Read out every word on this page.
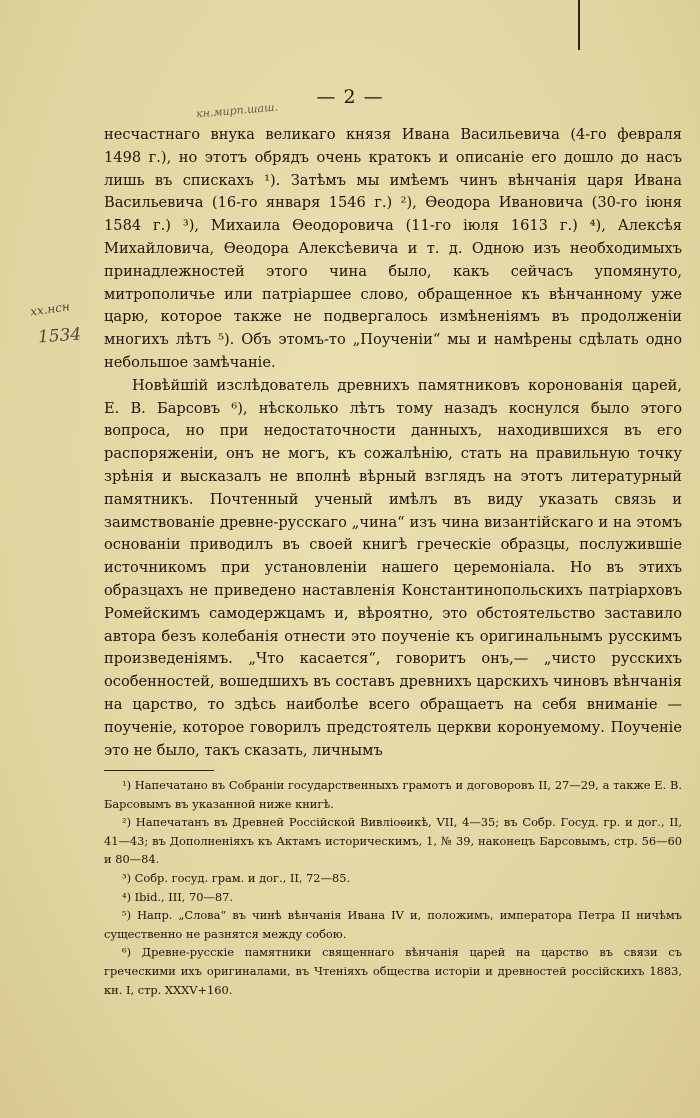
— 2 —
кн.мирп.шаш.
хх.нсн
1534

несчастнаго внука великаго князя Ивана Васильевича (4-го февраля 1498 г.), но этотъ обрядъ очень кратокъ и описаніе его дошло до насъ лишь въ спискахъ ¹). Затѣмъ мы имѣемъ чинъ вѣнчанія царя Ивана Васильевича (16-го января 1546 г.) ²), Ѳеодора Ивановича (30-го іюня 1584 г.) ³), Михаила Ѳеодоровича (11-го іюля 1613 г.) ⁴), Алексѣя Михайловича, Ѳеодора Алексѣевича и т. д. Одною изъ необходимыхъ принадлежностей этого чина было, какъ сейчасъ упомянуто, митрополичье или патріаршее слово, обращенное къ вѣнчанному уже царю, которое также не подвергалось измѣненіямъ въ продолженіи многихъ лѣтъ ⁵). Объ этомъ-то „Поученіи“ мы и намѣрены сдѣлать одно небольшое замѣчаніе.

Новѣйшій изслѣдователь древнихъ памятниковъ коронованія царей, Е. В. Барсовъ ⁶), нѣсколько лѣтъ тому назадъ коснулся было этого вопроса, но при недостаточности данныхъ, находившихся въ его распоряженіи, онъ не могъ, къ сожалѣнію, стать на правильную точку зрѣнія и высказалъ не вполнѣ вѣрный взглядъ на этотъ литературный памятникъ. Почтенный ученый имѣлъ въ виду указать связь и заимствованіе древне-русскаго „чина“ изъ чина византійскаго и на этомъ основаніи приводилъ въ своей книгѣ греческіе образцы, послужившіе источникомъ при установленіи нашего церемоніала. Но въ этихъ образцахъ не приведено наставленія Константинопольскихъ патріарховъ Ромейскимъ самодержцамъ и, вѣроятно, это обстоятельство заставило автора безъ колебанія отнести это поученіе къ оригинальнымъ русскимъ произведеніямъ. „Что касается“, говоритъ онъ,— „чисто русскихъ особенностей, вошедшихъ въ составъ древнихъ царскихъ чиновъ вѣнчанія на царство, то здѣсь наиболѣе всего обращаетъ на себя вниманіе — поученіе, которое говорилъ предстоятель церкви коронуемому. Поученіе это не было, такъ сказать, личнымъ

¹) Напечатано въ Собраніи государственныхъ грамотъ и договоровъ II, 27—29, а также Е. В. Барсовымъ въ указанной ниже книгѣ.

²) Напечатанъ въ Древней Россійской Вивліоѳикѣ, VII, 4—35; въ Собр. Госуд. гр. и дог., II, 41—43; въ Дополненіяхъ къ Актамъ историческимъ, 1, № 39, наконецъ Барсовымъ, стр. 56—60 и 80—84.

³) Собр. госуд. грам. и дог., II, 72—85.

⁴) Ibid., III, 70—87.

⁵) Напр. „Слова“ въ чинѣ вѣнчанія Ивана IV и, положимъ, императора Петра II ничѣмъ существенно не разнятся между собою.

⁶) Древне-русскіе памятники священнаго вѣнчанія царей на царство въ связи съ греческими ихъ оригиналами, въ Чтеніяхъ общества исторіи и древностей россійскихъ 1883, кн. I, стр. XXXV+160.
